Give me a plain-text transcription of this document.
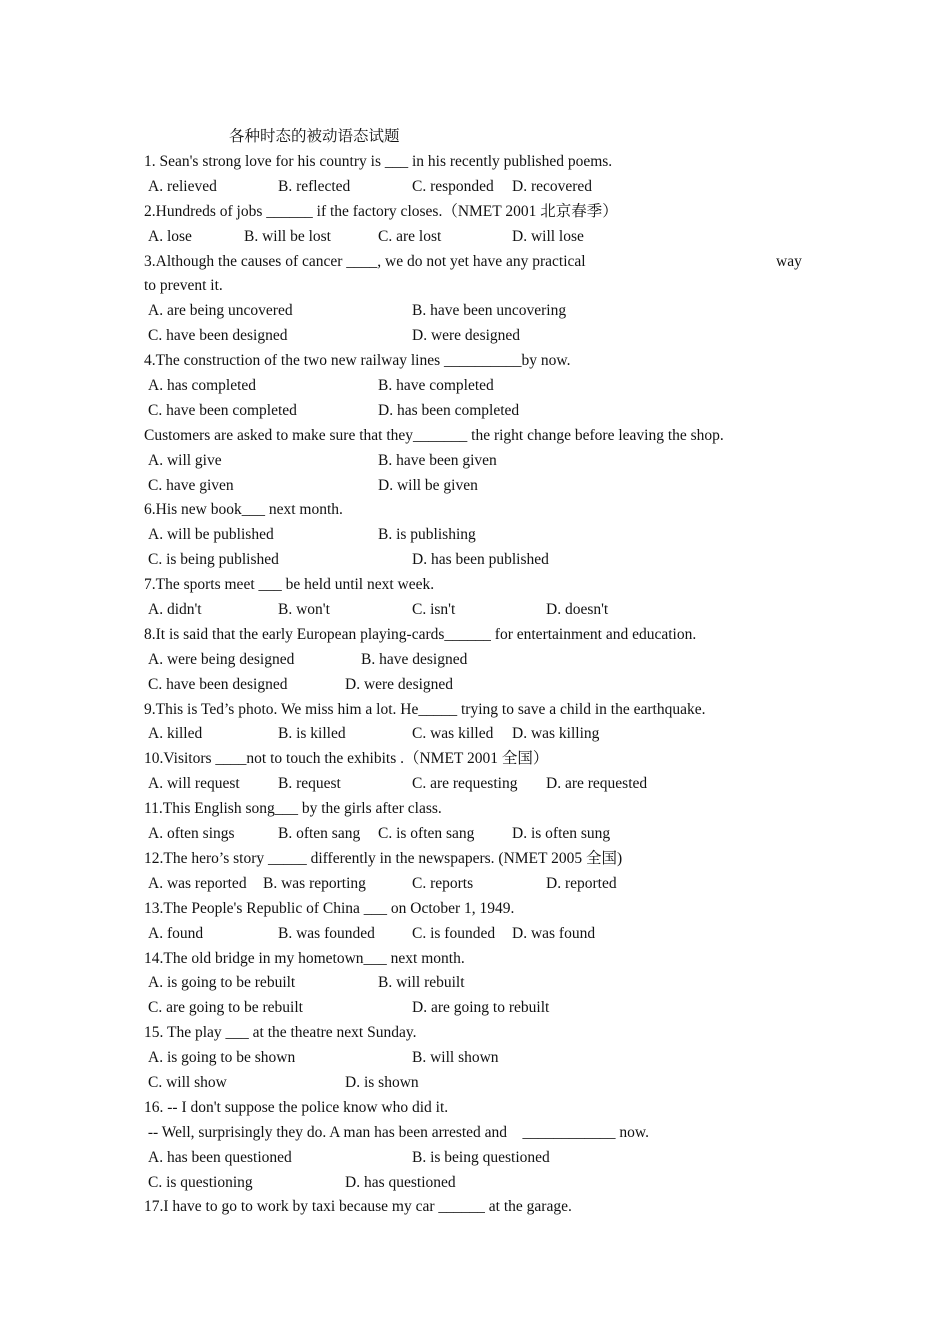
各种时态的被动语态试题
1. Sean's strong love for his country is ___ in his recently published poems.
A. relieved	B. reflected	C. responded D. recovered
2.Hundreds of jobs ______ if the factory closes.（NMET 2001 北京春季）
A. lose	B. will be lost	C. are lost	D. will lose
3.Although the causes of cancer ____, we do not yet have any practical	way
to prevent it.
A. are being uncovered	B. have been uncovering
C. have been designed	D. were designed
4.The construction of the two new railway lines __________by now.
A. has completed	B. have completed
C. have been completed	D. has been completed
Customers are asked to make sure that they_______ the right change before leaving the shop.
A. will give	B. have been given
C. have given	D. will be given
6.His new book___ next month.
A. will be published	B. is publishing
C. is being published	D. has been published
7.The sports meet ___ be held until next week.
A. didn't	B. won't	C. isn't	D. doesn't
8.It is said that the early European playing-cards______ for entertainment and education.
A. were being designed	B. have designed
C. have been designed	D. were designed
9.This is Ted’s photo. We miss him a lot. He_____ trying to save a child in the earthquake.
A. killed	B. is killed	C. was killed D. was killing
10.Visitors ____not to touch the exhibits .（NMET 2001 全国）
A. will request B. request	C. are requesting D. are requested
11.This English song___ by the girls after class.
A. often sings	B. often sang C. is often sang D. is often sung
12.The hero’s story _____ differently in the newspapers. (NMET 2005 全国)
A. was reported B. was reporting	C. reports	D. reported
13.The People's Republic of China ___ on October 1, 1949.
A. found	B. was founded C. is founded D. was found
14.The old bridge in my hometown___ next month.
A. is going to be rebuilt	B. will rebuilt
C. are going to be rebuilt	D. are going to rebuilt
15. The play ___ at the theatre next Sunday.
A. is going to be shown	B. will shown
C. will show	D. is shown
16. -- I don't suppose the police know who did it.
-- Well, surprisingly they do. A man has been arrested and    ____________ now.
A. has been questioned	B. is being questioned
C. is questioning	D. has questioned
17.I have to go to work by taxi because my car ______ at the garage.
